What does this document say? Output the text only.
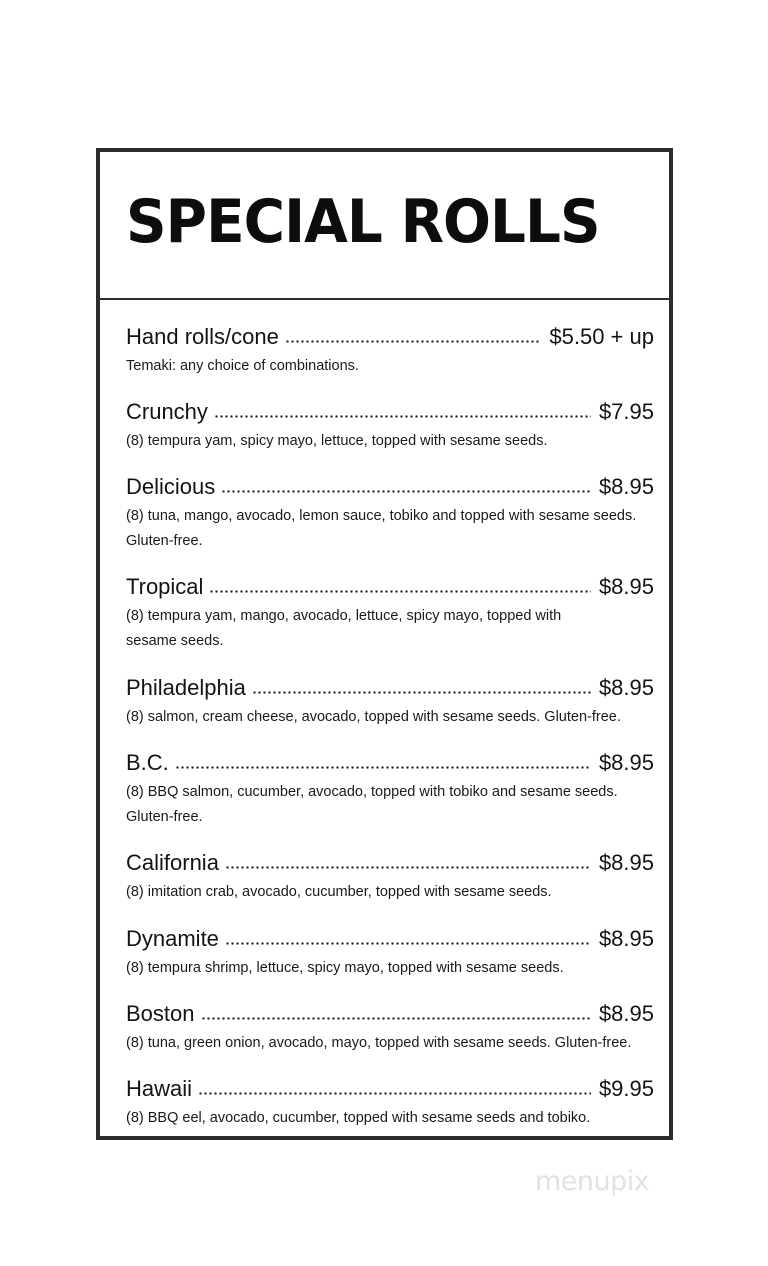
SPECIAL ROLLS
Hand rolls/cone	$5.50 + up
Temaki: any choice of combinations.
Crunchy	$7.95
(8) tempura yam, spicy mayo, lettuce, topped with sesame seeds.
Delicious	$8.95
(8) tuna, mango, avocado, lemon sauce, tobiko and topped with sesame seeds. Gluten-free.
Tropical	$8.95
(8) tempura yam, mango, avocado, lettuce, spicy mayo, topped with sesame seeds.
Philadelphia	$8.95
(8) salmon, cream cheese, avocado, topped with sesame seeds. Gluten-free.
B.C.	$8.95
(8) BBQ salmon, cucumber, avocado, topped with tobiko and sesame seeds. Gluten-free.
California	$8.95
(8) imitation crab, avocado, cucumber, topped with sesame seeds.
Dynamite	$8.95
(8) tempura shrimp, lettuce, spicy mayo, topped with sesame seeds.
Boston	$8.95
(8) tuna, green onion, avocado, mayo, topped with sesame seeds. Gluten-free.
Hawaii	$9.95
(8) BBQ eel, avocado, cucumber, topped with sesame seeds and tobiko.
menupix
